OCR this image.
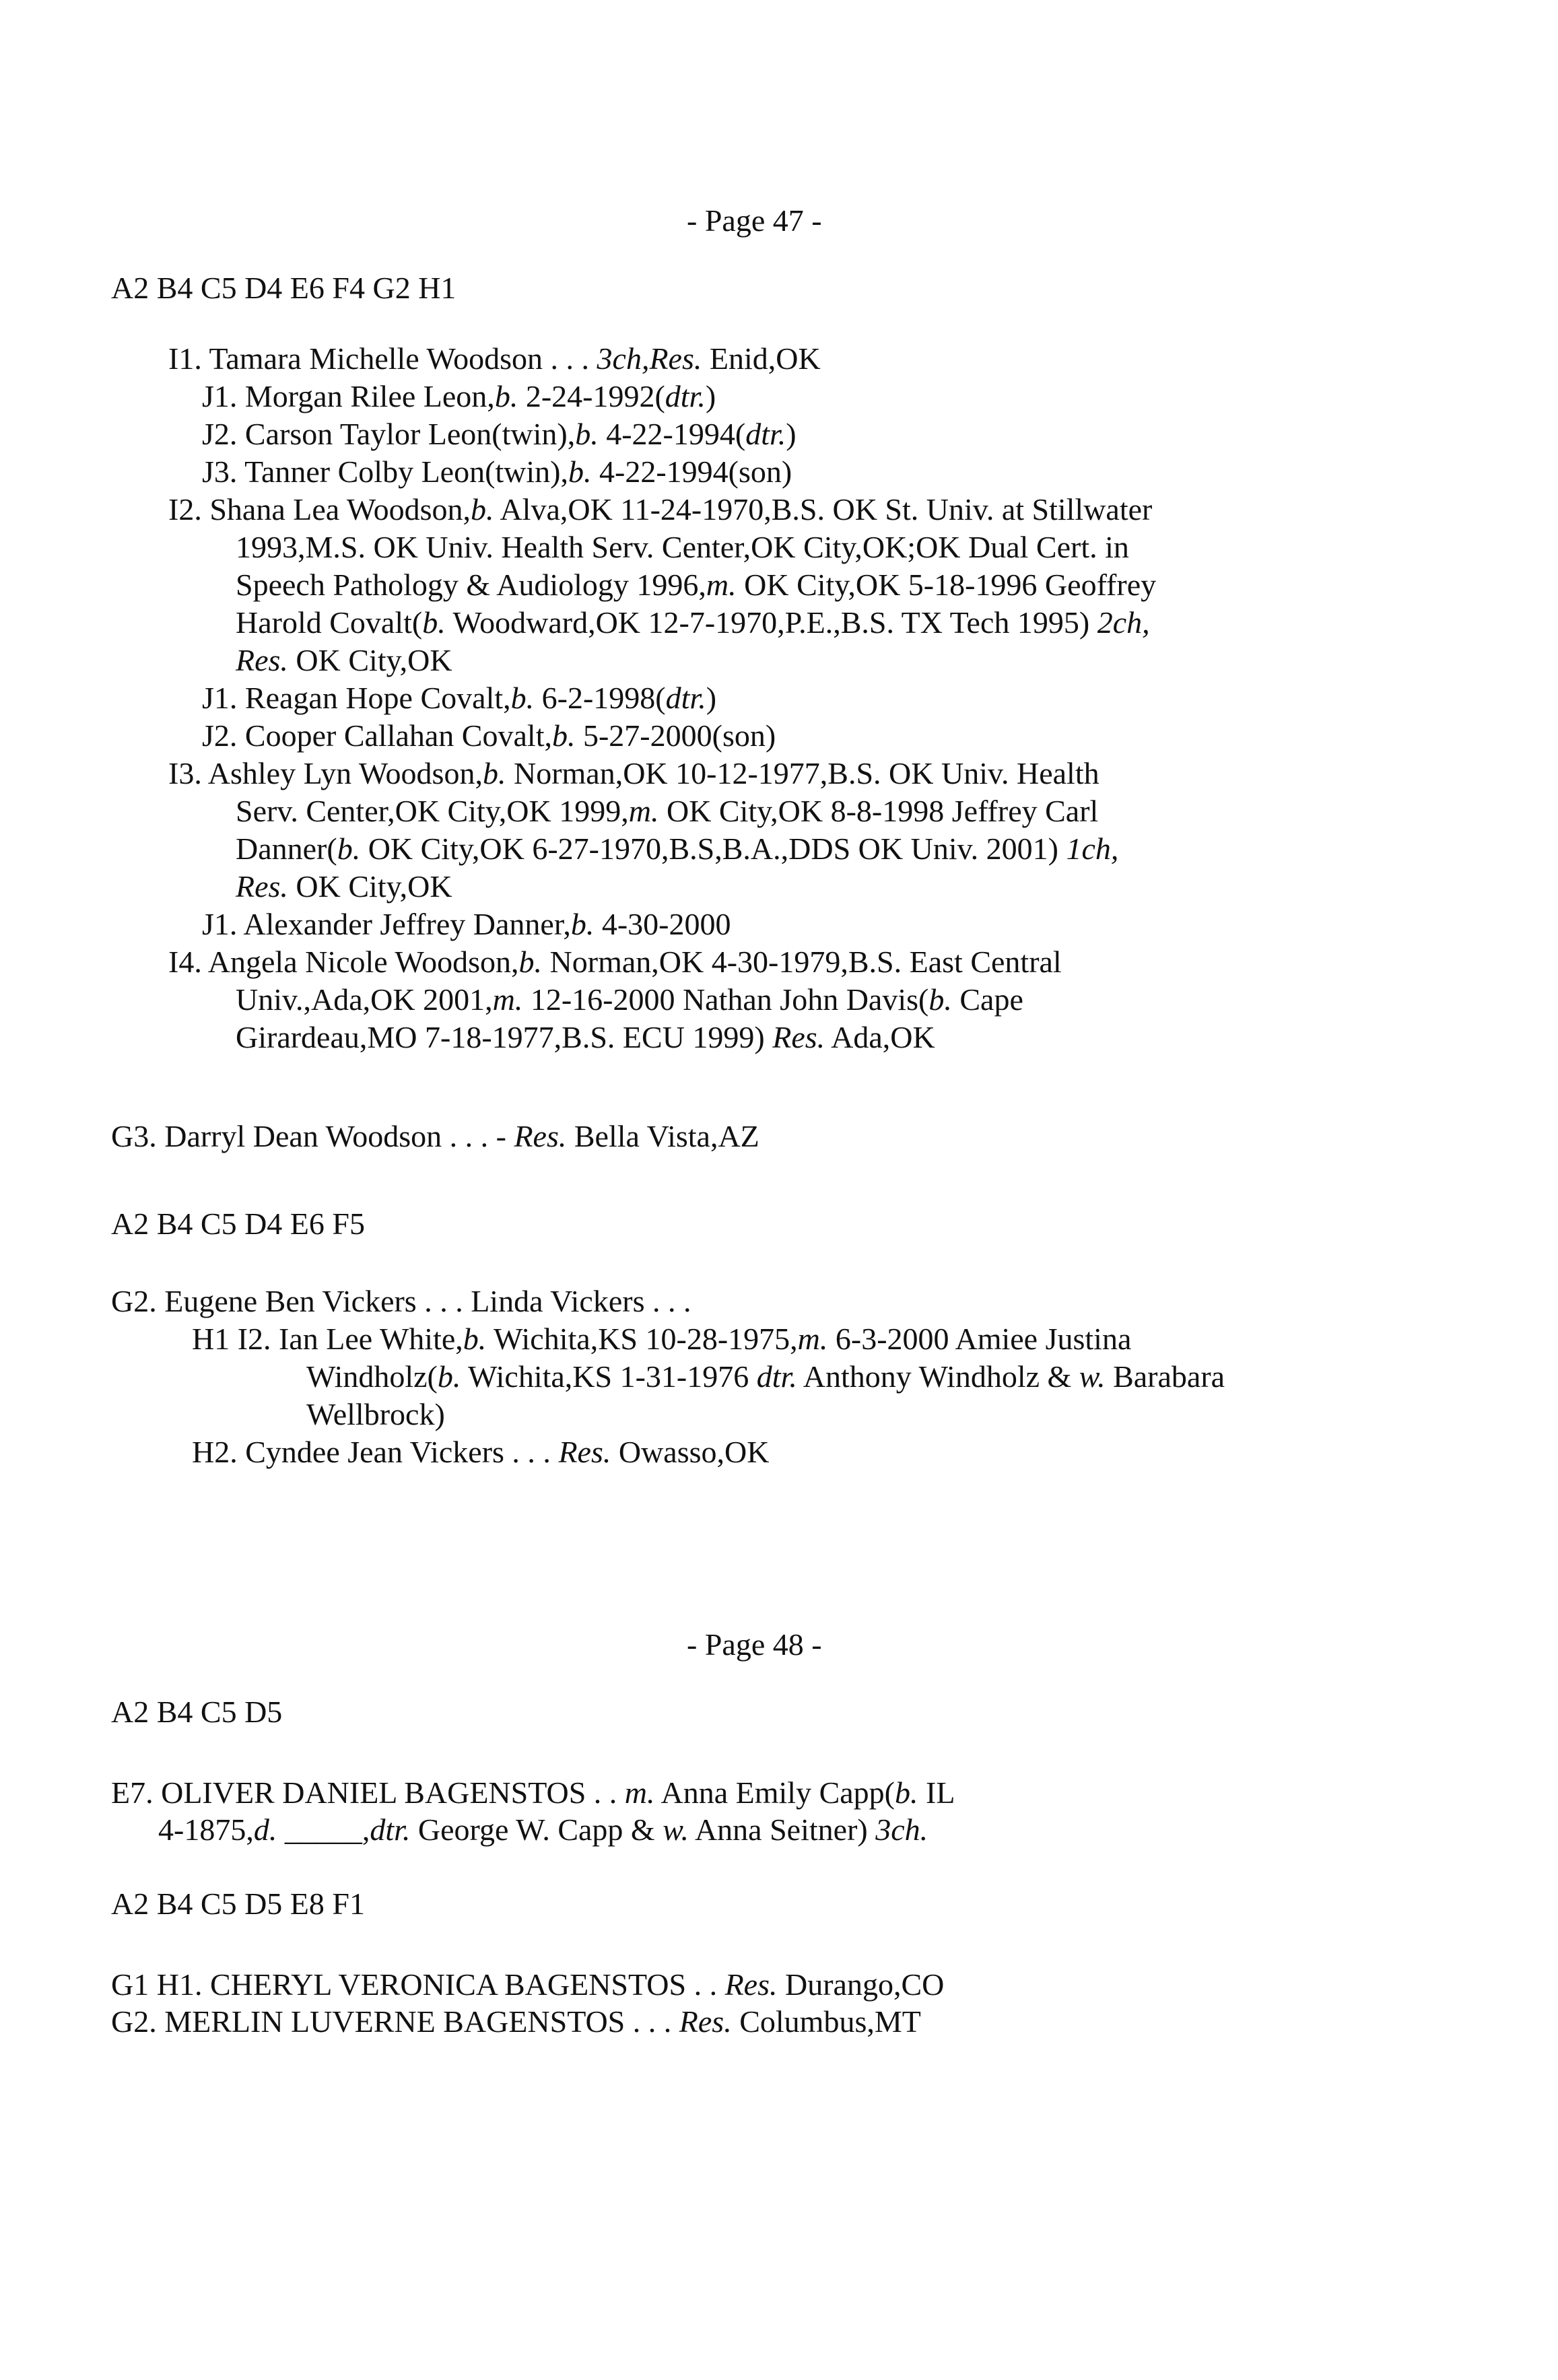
- Page 47 -
A2 B4 C5 D4 E6 F4 G2 H1
I1. Tamara Michelle Woodson . . . 3ch,Res. Enid,OK
J1. Morgan Rilee Leon,b. 2-24-1992(dtr.)
J2. Carson Taylor Leon(twin),b. 4-22-1994(dtr.)
J3. Tanner Colby Leon(twin),b. 4-22-1994(son)
I2. Shana Lea Woodson,b. Alva,OK 11-24-1970,B.S. OK St. Univ. at Stillwater
1993,M.S. OK Univ. Health Serv. Center,OK City,OK;OK Dual Cert. in
Speech Pathology & Audiology 1996,m. OK City,OK 5-18-1996 Geoffrey
Harold Covalt(b. Woodward,OK 12-7-1970,P.E.,B.S. TX Tech 1995) 2ch,
Res. OK City,OK
J1. Reagan Hope Covalt,b. 6-2-1998(dtr.)
J2. Cooper Callahan Covalt,b. 5-27-2000(son)
I3. Ashley Lyn Woodson,b. Norman,OK 10-12-1977,B.S. OK Univ. Health
Serv. Center,OK City,OK 1999,m. OK City,OK 8-8-1998 Jeffrey Carl
Danner(b. OK City,OK 6-27-1970,B.S,B.A.,DDS OK Univ. 2001) 1ch,
Res. OK City,OK
J1. Alexander Jeffrey Danner,b. 4-30-2000
I4. Angela Nicole Woodson,b. Norman,OK 4-30-1979,B.S. East Central
Univ.,Ada,OK 2001,m. 12-16-2000 Nathan John Davis(b. Cape
Girardeau,MO 7-18-1977,B.S. ECU 1999) Res. Ada,OK
G3. Darryl Dean Woodson . . . - Res. Bella Vista,AZ
A2 B4 C5 D4 E6 F5
G2. Eugene Ben Vickers . . . Linda Vickers . . .
H1 I2. Ian Lee White,b. Wichita,KS 10-28-1975,m. 6-3-2000 Amiee Justina
Windholz(b. Wichita,KS 1-31-1976 dtr. Anthony Windholz & w. Barabara
Wellbrock)
H2. Cyndee Jean Vickers . . . Res. Owasso,OK
- Page 48 -
A2 B4 C5 D5
E7. OLIVER DANIEL BAGENSTOS . . m. Anna Emily Capp(b. IL
4-1875,d. _____,dtr. George W. Capp & w. Anna Seitner) 3ch.
A2 B4 C5 D5 E8 F1
G1 H1. CHERYL VERONICA BAGENSTOS . . Res. Durango,CO
G2. MERLIN LUVERNE BAGENSTOS . . . Res. Columbus,MT
